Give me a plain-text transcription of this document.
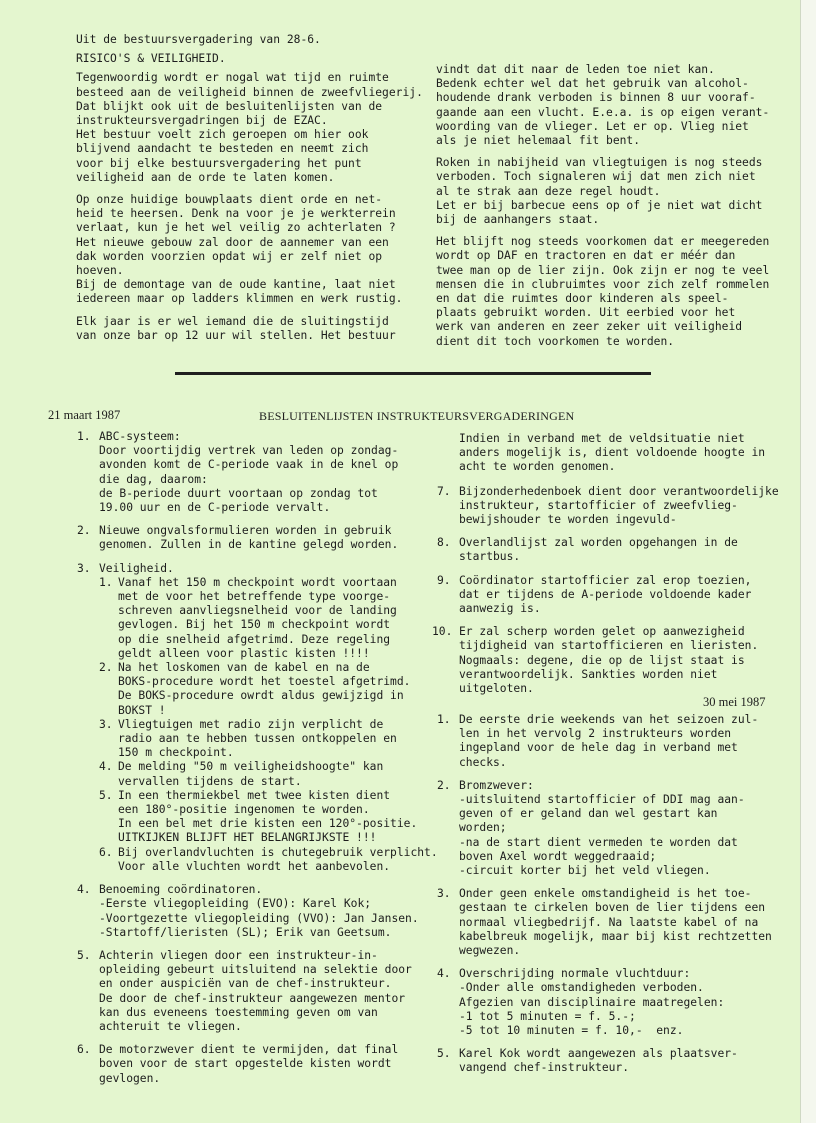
Uit de bestuursvergadering van 28-6.
RISICO'S & VEILIGHEID.
Tegenwoordig wordt er nogal wat tijd en ruimte
besteed aan de veiligheid binnen de zweefvliegerij.
Dat blijkt ook uit de besluitenlijsten van de
instrukteursvergadringen bij de EZAC.
Het bestuur voelt zich geroepen om hier ook
blijvend aandacht te besteden en neemt zich
voor bij elke bestuursvergadering het punt
veiligheid aan de orde te laten komen.
Op onze huidige bouwplaats dient orde en net-
heid te heersen. Denk na voor je je werkterrein
verlaat, kun je het wel veilig zo achterlaten ?
Het nieuwe gebouw zal door de aannemer van een
dak worden voorzien opdat wij er zelf niet op
hoeven.
Bij de demontage van de oude kantine, laat niet
iedereen maar op ladders klimmen en werk rustig.
Elk jaar is er wel iemand die de sluitingstijd
van onze bar op 12 uur wil stellen. Het bestuur
vindt dat dit naar de leden toe niet kan.
Bedenk echter wel dat het gebruik van alcohol-
houdende drank verboden is binnen 8 uur vooraf-
gaande aan een vlucht. E.e.a. is op eigen verant-
woording van de vlieger. Let er op. Vlieg niet
als je niet helemaal fit bent.
Roken in nabijheid van vliegtuigen is nog steeds
verboden. Toch signaleren wij dat men zich niet
al te strak aan deze regel houdt.
Let er bij barbecue eens op of je niet wat dicht
bij de aanhangers staat.
Het blijft nog steeds voorkomen dat er meegereden
wordt op DAF en tractoren en dat er méér dan
twee man op de lier zijn. Ook zijn er nog te veel
mensen die in clubruimtes voor zich zelf rommelen
en dat die ruimtes door kinderen als speel-
plaats gebruikt worden. Uit eerbied voor het
werk van anderen en zeer zeker uit veiligheid
dient dit toch voorkomen te worden.
21 maart 1987	BESLUITENLIJSTEN INSTRUKTEURSVERGADERINGEN
1. ABC-systeem:
Door voortijdig vertrek van leden op zondag-
avonden komt de C-periode vaak in de knel op
die dag, daarom:
de B-periode duurt voortaan op zondag tot
19.00 uur en de C-periode vervalt.
2. Nieuwe ongvalsformulieren worden in gebruik
genomen. Zullen in de kantine gelegd worden.
3. Veiligheid.
1. Vanaf het 150 m checkpoint wordt voortaan
met de voor het betreffende type voorge-
schreven aanvliegsnelheid voor de landing
gevlogen. Bij het 150 m checkpoint wordt
op die snelheid afgetrimd. Deze regeling
geldt alleen voor plastic kisten !!!!
2. Na het loskomen van de kabel en na de
BOKS-procedure wordt het toestel afgetrimd.
De BOKS-procedure owrdt aldus gewijzigd in
BOKST !
3. Vliegtuigen met radio zijn verplicht de
radio aan te hebben tussen ontkoppelen en
150 m checkpoint.
4. De melding "50 m veiligheidshoogte" kan
vervallen tijdens de start.
5. In een thermiekbel met twee kisten dient
een 180°-positie ingenomen te worden.
In een bel met drie kisten een 120°-positie.
UITKIJKEN BLIJFT HET BELANGRIJKSTE !!!
6. Bij overlandvluchten is chutegebruik verplicht.
Voor alle vluchten wordt het aanbevolen.
4. Benoeming coördinatoren.
-Eerste vliegopleiding (EVO): Karel Kok;
-Voortgezette vliegopleiding (VVO): Jan Jansen.
-Startoff/lieristen (SL); Erik van Geetsum.
5. Achterin vliegen door een instrukteur-in-
opleiding gebeurt uitsluitend na selektie door
en onder auspiciën van de chef-instrukteur.
De door de chef-instrukteur aangewezen mentor
kan dus eveneens toestemming geven om van
achteruit te vliegen.
6. De motorzwever dient te vermijden, dat final
boven voor de start opgestelde kisten wordt
gevlogen.
Indien in verband met de veldsituatie niet
anders mogelijk is, dient voldoende hoogte in
acht te worden genomen.
7. Bijzonderhedenboek dient door verantwoordelijke
instrukteur, startofficier of zweefvlieg-
bewijshouder te worden ingevuld-
8. Overlandlijst zal worden opgehangen in de
startbus.
9. Coördinator startofficier zal erop toezien,
dat er tijdens de A-periode voldoende kader
aanwezig is.
10. Er zal scherp worden gelet op aanwezigheid
tijdigheid van startofficieren en lieristen.
Nogmaals: degene, die op de lijst staat is
verantwoordelijk. Sankties worden niet
uitgeloten.
30 mei 1987
1. De eerste drie weekends van het seizoen zul-
len in het vervolg 2 instrukteurs worden
ingepland voor de hele dag in verband met
checks.
2. Bromzwever:
-uitsluitend startofficier of DDI mag aan-
geven of er geland dan wel gestart kan
worden;
-na de start dient vermeden te worden dat
boven Axel wordt weggedraaid;
-circuit korter bij het veld vliegen.
3. Onder geen enkele omstandigheid is het toe-
gestaan te cirkelen boven de lier tijdens een
normaal vliegbedrijf. Na laatste kabel of na
kabelbreuk mogelijk, maar bij kist rechtzetten
wegwezen.
4. Overschrijding normale vluchtduur:
-Onder alle omstandigheden verboden.
Afgezien van disciplinaire maatregelen:
-1 tot 5 minuten = f. 5.-;
-5 tot 10 minuten = f. 10,-  enz.
5. Karel Kok wordt aangewezen als plaatsver-
vangend chef-instrukteur.
